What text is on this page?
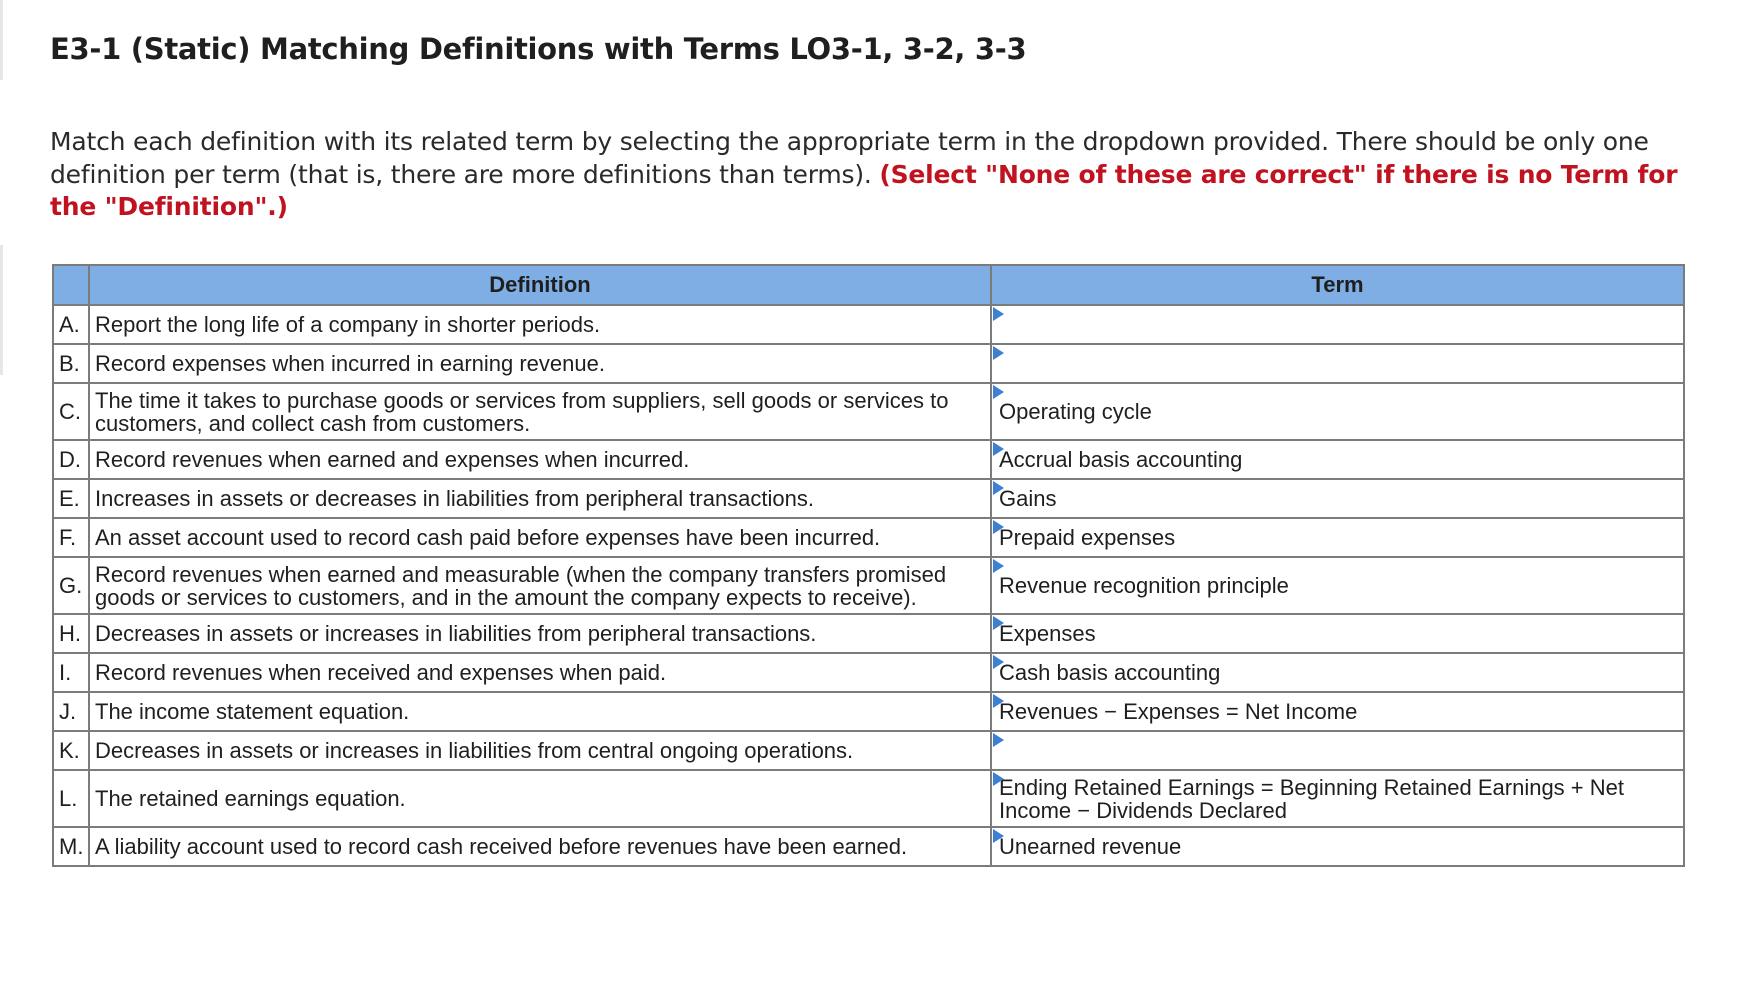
E3-1 (Static) Matching Definitions with Terms LO3-1, 3-2, 3-3

Match each definition with its related term by selecting the appropriate term in the dropdown provided. There should be only one definition per term (that is, there are more definitions than terms). (Select "None of these are correct" if there is no Term for the "Definition".)

	Definition	Term
A.	Report the long life of a company in shorter periods.	

B.	Record expenses when incurred in earning revenue.	

C.	The time it takes to purchase goods or services from suppliers, sell goods or services to customers, and collect cash from customers.	Operating cycle

D.	Record revenues when earned and expenses when incurred.	Accrual basis accounting

E.	Increases in assets or decreases in liabilities from peripheral transactions.	Gains

F.	An asset account used to record cash paid before expenses have been incurred.	Prepaid expenses

G.	Record revenues when earned and measurable (when the company transfers promised goods or services to customers, and in the amount the company expects to receive).	Revenue recognition principle

H.	Decreases in assets or increases in liabilities from peripheral transactions.	Expenses

I.	Record revenues when received and expenses when paid.	Cash basis accounting

J.	The income statement equation.	Revenues − Expenses = Net Income

K.	Decreases in assets or increases in liabilities from central ongoing operations.	

L.	The retained earnings equation.	Ending Retained Earnings = Beginning Retained Earnings + Net Income − Dividends Declared

M.	A liability account used to record cash received before revenues have been earned.	Unearned revenue
